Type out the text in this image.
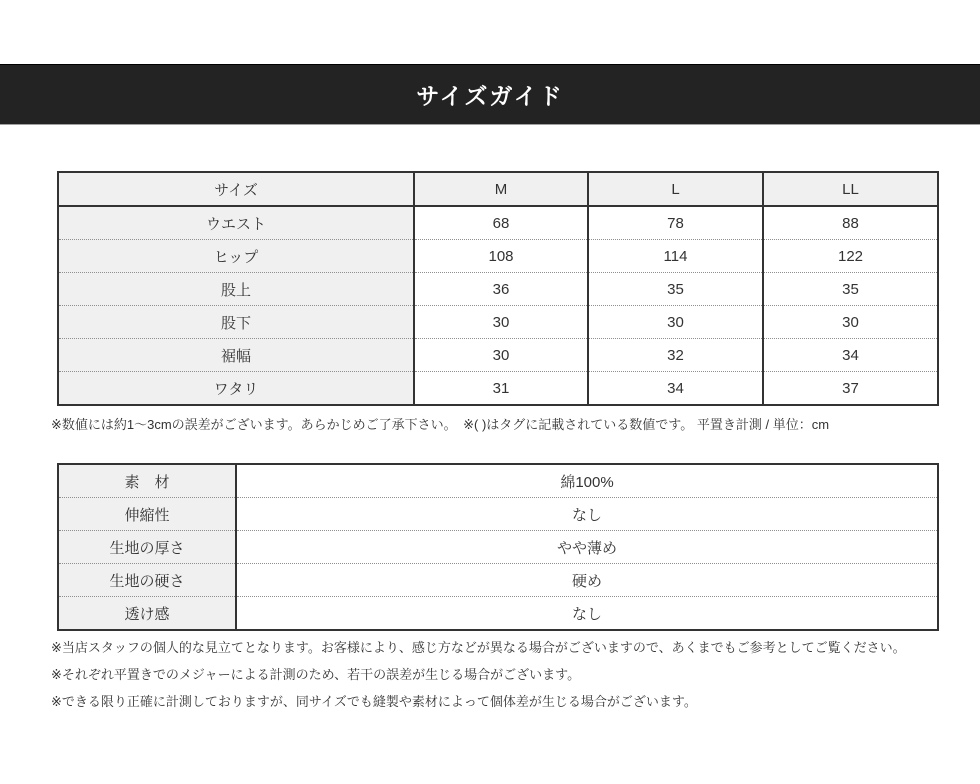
サイズガイド
サイズ	M	L	LL
ウエスト	68	78	88
ヒップ	108	114	122
股上	36	35	35
股下	30	30	30
裾幅	30	32	34
ワタリ	31	34	37

※数値には約1〜3cmの誤差がございます。あらかじめご了承下さい。　※( )はタグに記載されている数値です。 平置き計測 / 単位：cm

素　材	綿100%
伸縮性	なし
生地の厚さ	やや薄め
生地の硬さ	硬め
透け感	なし

※当店スタッフの個人的な見立てとなります。お客様により、感じ方などが異なる場合がございますので、あくまでもご参考としてご覧ください。

※それぞれ平置きでのメジャーによる計測のため、若干の誤差が生じる場合がございます。

※できる限り正確に計測しておりますが、同サイズでも縫製や素材によって個体差が生じる場合がございます。
